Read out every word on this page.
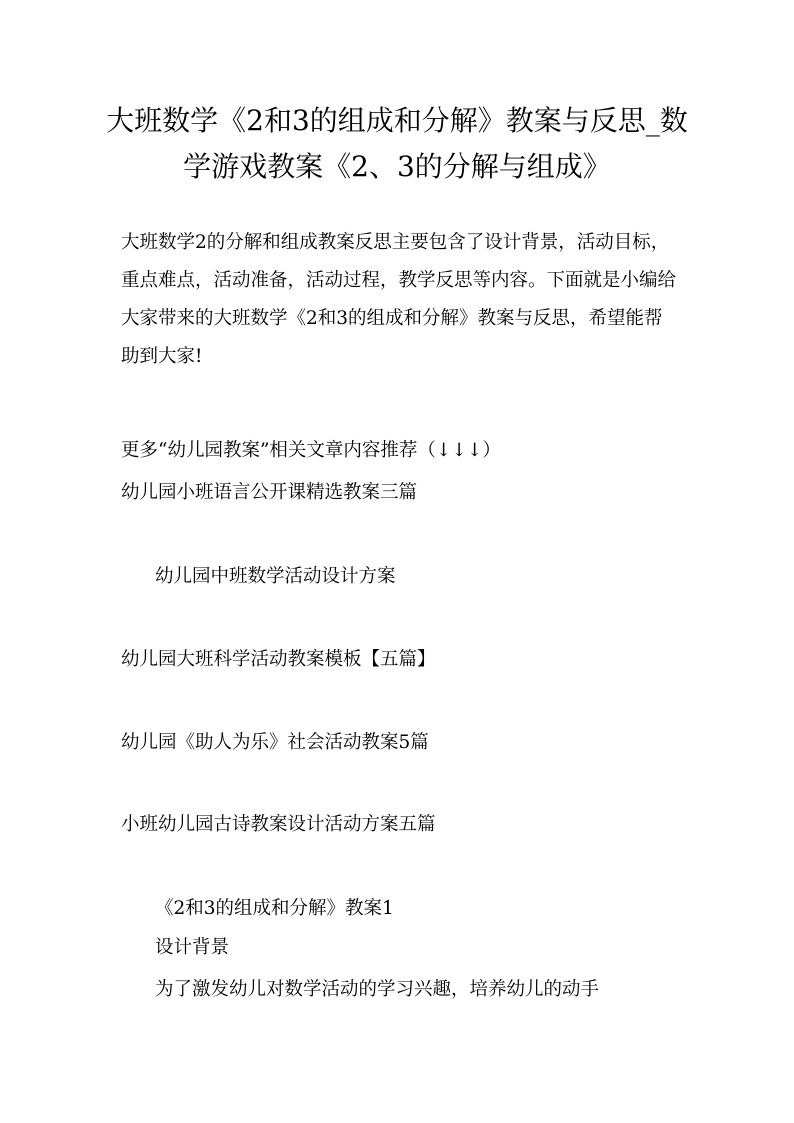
大班数学《2和3的组成和分解》教案与反思_数学游戏教案《2、3的分解与组成》

大班数学2的分解和组成教案反思主要包含了设计背景，活动目标，重点难点，活动准备，活动过程，教学反思等内容。下面就是小编给大家带来的大班数学《2和3的组成和分解》教案与反思，希望能帮助到大家!

更多“幼儿园教案”相关文章内容推荐（↓↓↓）

幼儿园小班语言公开课精选教案三篇
幼儿园中班数学活动设计方案
幼儿园大班科学活动教案模板【五篇】
幼儿园《助人为乐》社会活动教案5篇
小班幼儿园古诗教案设计活动方案五篇

《2和3的组成和分解》教案1

设计背景

为了激发幼儿对数学活动的学习兴趣，培养幼儿的动手
